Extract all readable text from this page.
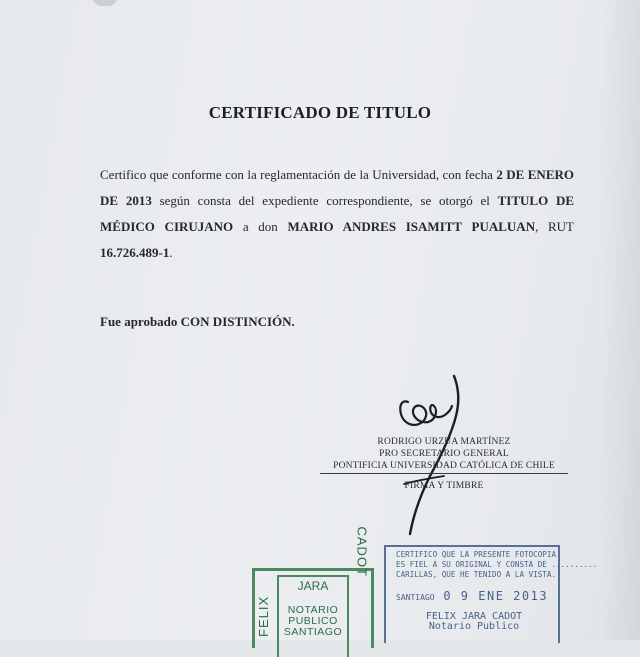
CERTIFICADO DE TITULO
Certifico que conforme con la reglamentación de la Universidad, con fecha 2 DE ENERO DE 2013 según consta del expediente correspondiente, se otorgó el TITULO DE MÉDICO CIRUJANO a don MARIO ANDRES ISAMITT PUALUAN, RUT 16.726.489-1.
Fue aprobado CON DISTINCIÓN.
RODRIGO URZÚA MARTÍNEZ
PRO SECRETARIO GENERAL
PONTIFICIA UNIVERSIDAD CATÓLICA DE CHILE
FIRMA Y TIMBRE
JARA
NOTARIO
PUBLICO
SANTIAGO
FELIX
CADOT	CERTIFICO QUE LA PRESENTE FOTOCOPIA
ES FIEL A SU ORIGINAL Y CONSTA DE ..........
CARILLAS, QUE HE TENIDO A LA VISTA.
SANTIAGO 0 9 ENE 2013
FELIX JARA CADOT
Notario Publico
